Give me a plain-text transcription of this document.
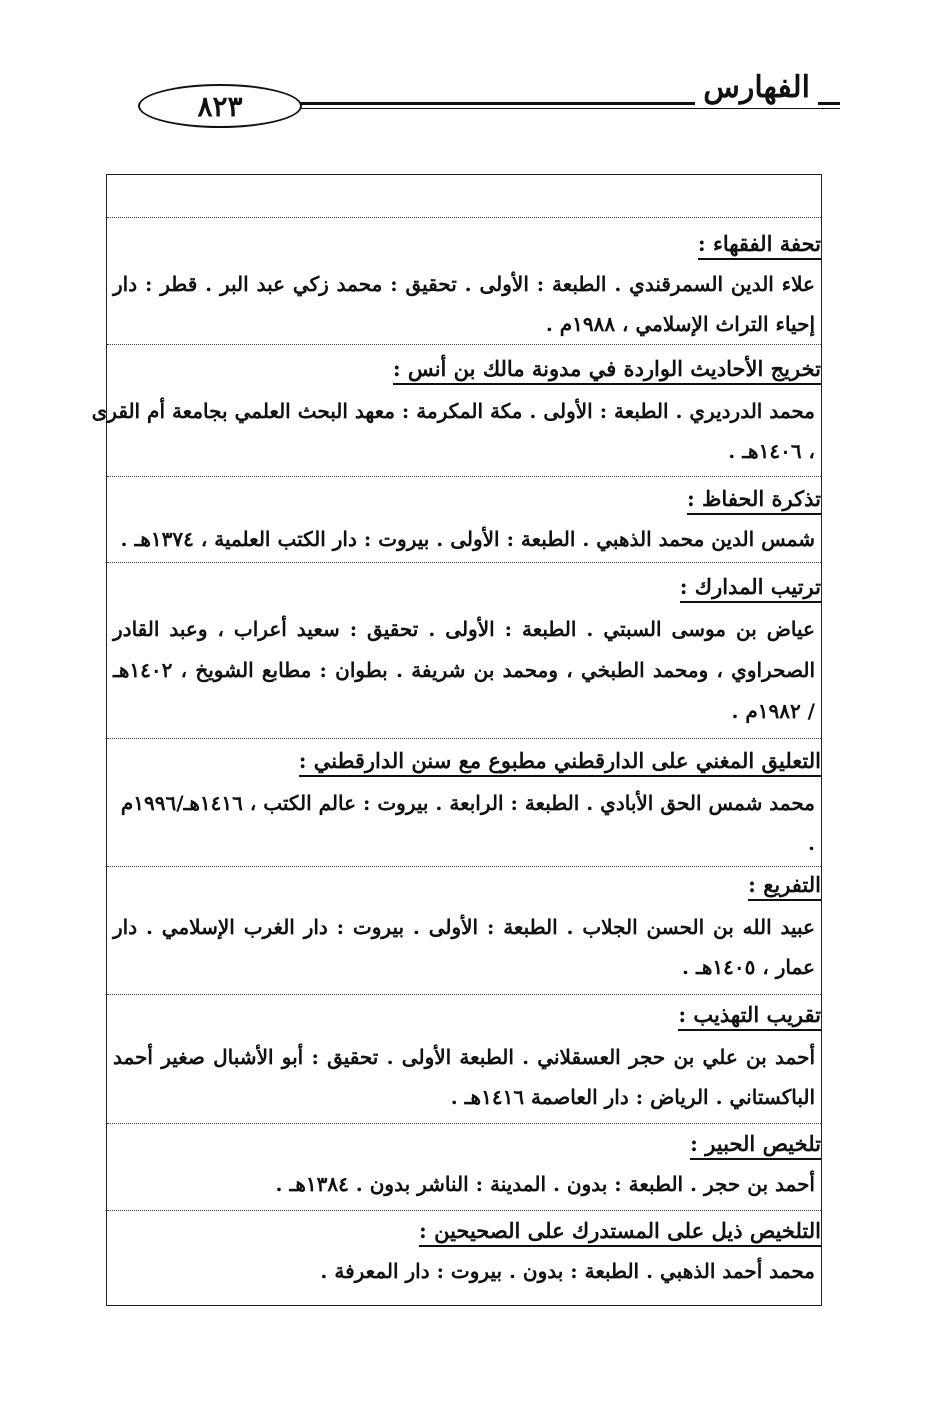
٨٢٣
الفهارس
تحفة الفقهاء :
علاء الدين السمرقندي . الطبعة : الأولى . تحقيق : محمد زكي عبد البر . قطر : دار
إحياء التراث الإسلامي ، ١٩٨٨م .
تخريج الأحاديث الواردة في مدونة مالك بن أنس :
محمد الدرديري . الطبعة : الأولى . مكة المكرمة : معهد البحث العلمي بجامعة أم القرى
، ١٤٠٦هـ .
تذكرة الحفاظ :
شمس الدين محمد الذهبي . الطبعة : الأولى . بيروت : دار الكتب العلمية ، ١٣٧٤هـ .
ترتيب المدارك :
عياض بن موسى السبتي . الطبعة : الأولى . تحقيق : سعيد أعراب ، وعبد القادر
الصحراوي ، ومحمد الطبخي ، ومحمد بن شريفة . بطوان : مطابع الشويخ ، ١٤٠٢هـ
/ ١٩٨٢م .
التعليق المغني على الدارقطني مطبوع مع سنن الدارقطني :
محمد شمس الحق الأبادي . الطبعة : الرابعة . بيروت : عالم الكتب ، ١٤١٦هـ/١٩٩٦م
.
التفريع :
عبيد الله بن الحسن الجلاب . الطبعة : الأولى . بيروت : دار الغرب الإسلامي . دار
عمار ، ١٤٠٥هـ .
تقريب التهذيب :
أحمد بن علي بن حجر العسقلاني . الطبعة الأولى . تحقيق : أبو الأشبال صغير أحمد
الباكستاني . الرياض : دار العاصمة ١٤١٦هـ .
تلخيص الحبير :
أحمد بن حجر . الطبعة : بدون . المدينة : الناشر بدون . ١٣٨٤هـ .
التلخيص ذيل على المستدرك على الصحيحين :
محمد أحمد الذهبي . الطبعة : بدون . بيروت : دار المعرفة .
